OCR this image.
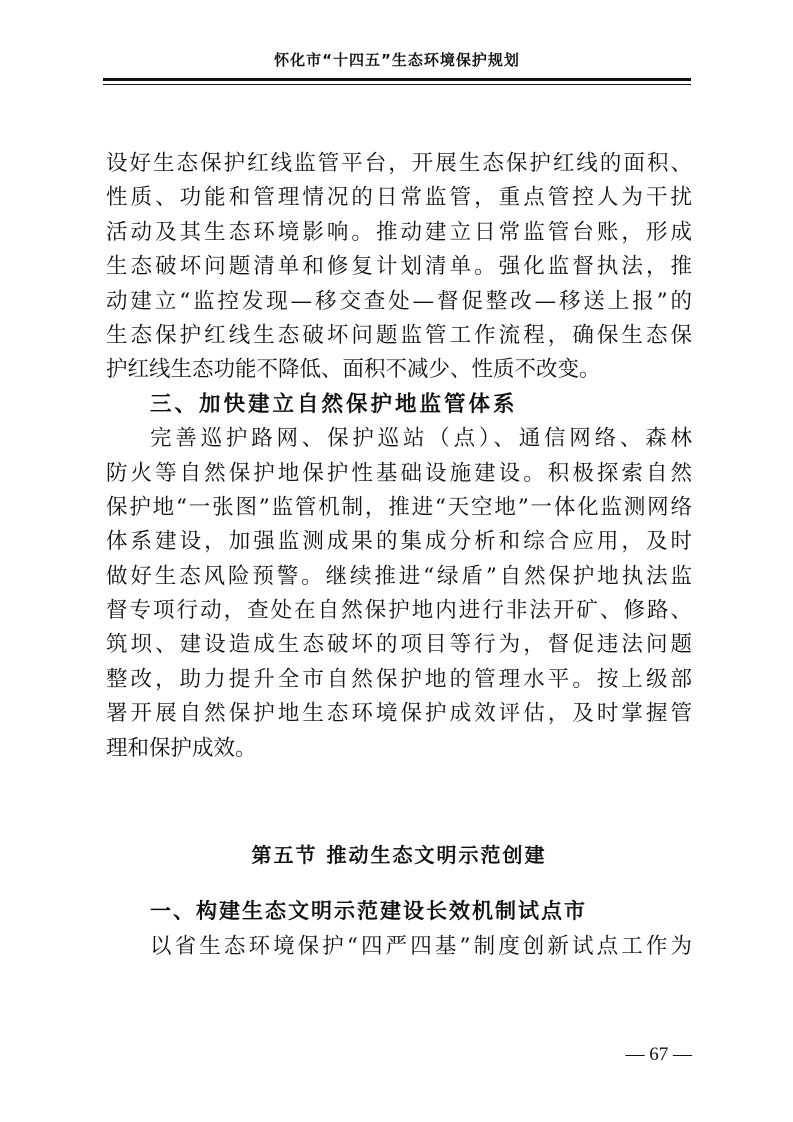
怀化市“十四五”生态环境保护规划
设好生态保护红线监管平台，开展生态保护红线的面积、
性质、功能和管理情况的日常监管，重点管控人为干扰
活动及其生态环境影响。推动建立日常监管台账，形成
生态破坏问题清单和修复计划清单。强化监督执法，推
动建立“监控发现—移交查处—督促整改—移送上报”的
生态保护红线生态破坏问题监管工作流程，确保生态保
护红线生态功能不降低、面积不减少、性质不改变。
三、加快建立自然保护地监管体系
完善巡护路网、保护巡站（点）、通信网络、森林
防火等自然保护地保护性基础设施建设。积极探索自然
保护地“一张图”监管机制，推进“天空地”一体化监测网络
体系建设，加强监测成果的集成分析和综合应用，及时
做好生态风险预警。继续推进“绿盾”自然保护地执法监
督专项行动，查处在自然保护地内进行非法开矿、修路、
筑坝、建设造成生态破坏的项目等行为，督促违法问题
整改，助力提升全市自然保护地的管理水平。按上级部
署开展自然保护地生态环境保护成效评估，及时掌握管
理和保护成效。
第五节 推动生态文明示范创建
一、构建生态文明示范建设长效机制试点市
以省生态环境保护“四严四基”制度创新试点工作为
— 67 —
